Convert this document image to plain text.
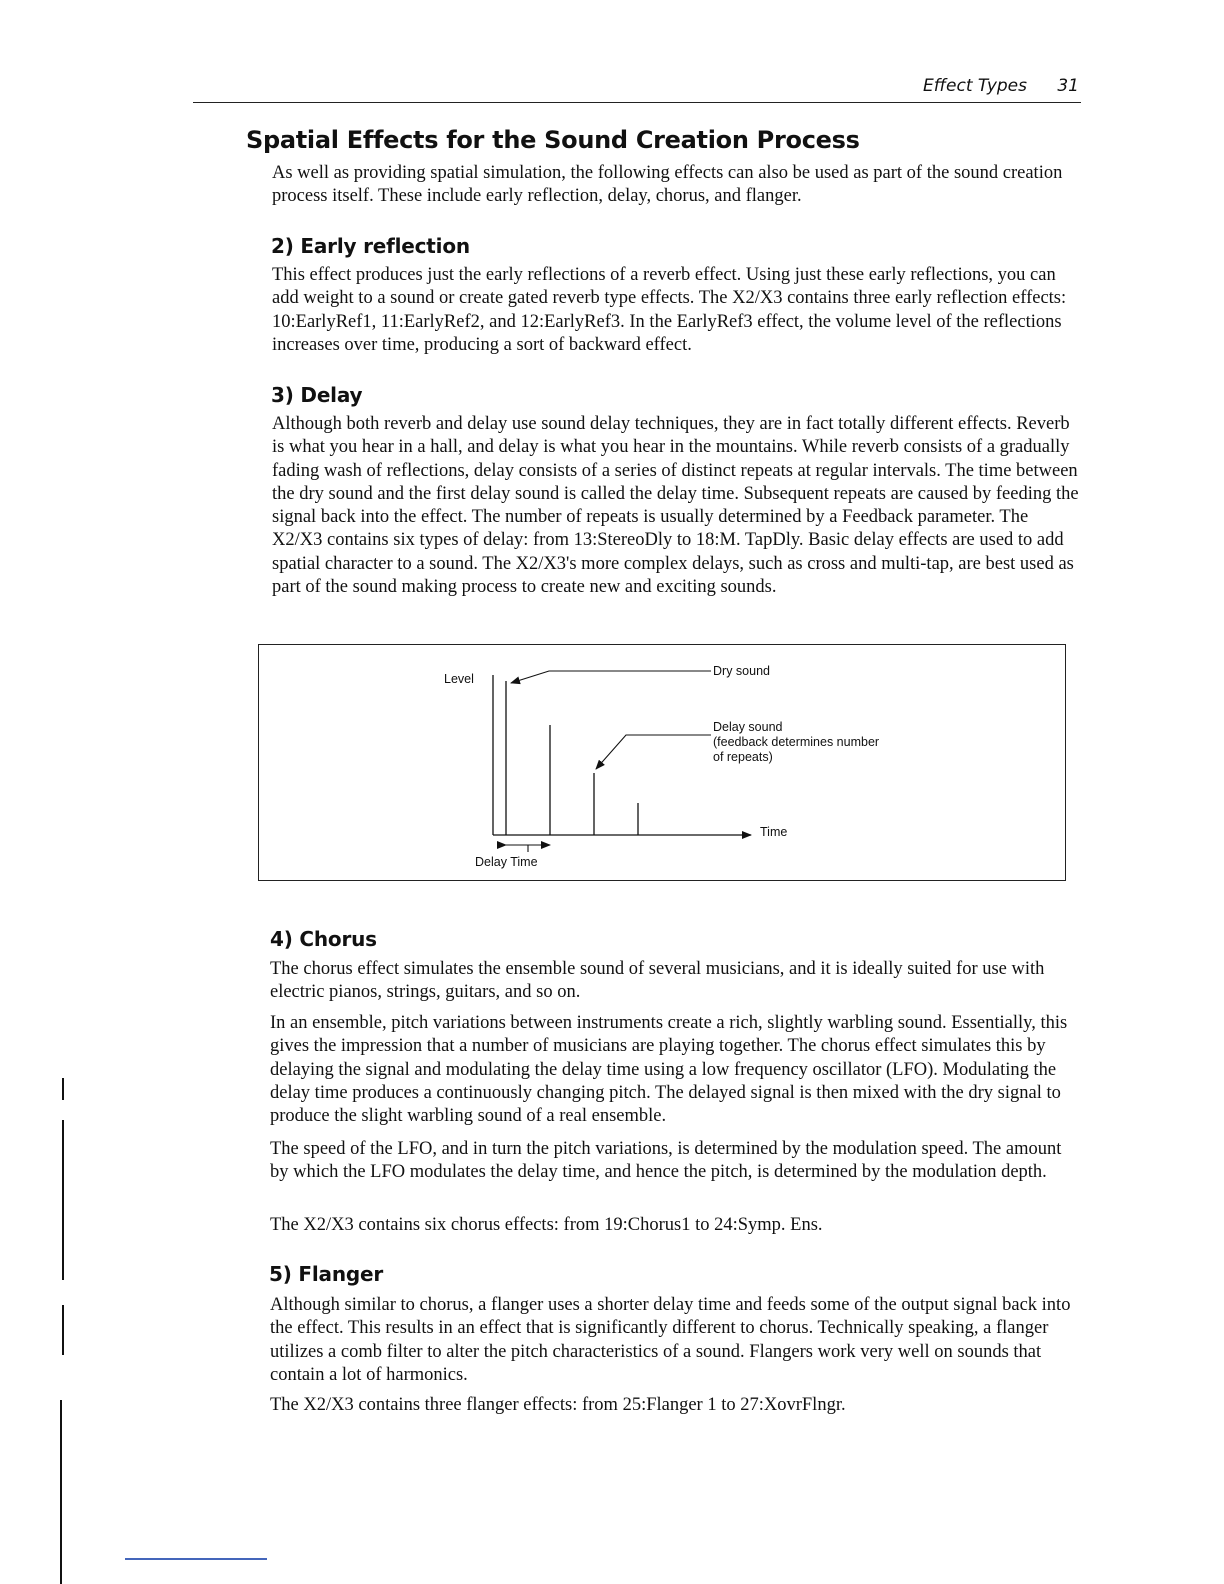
Effect Types 31
Spatial Effects for the Sound Creation Process

As well as providing spatial simulation, the following effects can also be used as part of the sound creation process itself. These include early reflection, delay, chorus, and flanger.

2) Early reflection

This effect produces just the early reflections of a reverb effect. Using just these early reflections, you can add weight to a sound or create gated reverb type effects. The X2/X3 contains three early reflection effects: 10:EarlyRef1, 11:EarlyRef2, and 12:EarlyRef3. In the EarlyRef3 effect, the volume level of the reflections increases over time, producing a sort of backward effect.

3) Delay

Although both reverb and delay use sound delay techniques, they are in fact totally different effects. Reverb is what you hear in a hall, and delay is what you hear in the mountains. While reverb consists of a gradually fading wash of reflections, delay consists of a series of distinct repeats at regular intervals. The time between the dry sound and the first delay sound is called the delay time. Subsequent repeats are caused by feeding the signal back into the effect. The number of repeats is usually determined by a Feedback parameter. The X2/X3 contains six types of delay: from 13:StereoDly to 18:M. TapDly. Basic delay effects are used to add spatial character to a sound. The X2/X3's more complex delays, such as cross and multi-tap, are best used as part of the sound making process to create new and exciting sounds.

Level
Dry sound
Delay sound
(feedback determines number
of repeats)
Time
Delay Time
4) Chorus

The chorus effect simulates the ensemble sound of several musicians, and it is ideally suited for use with electric pianos, strings, guitars, and so on.

In an ensemble, pitch variations between instruments create a rich, slightly warbling sound. Essentially, this gives the impression that a number of musicians are playing together. The chorus effect simulates this by delaying the signal and modulating the delay time using a low frequency oscillator (LFO). Modulating the delay time produces a continuously changing pitch. The delayed signal is then mixed with the dry signal to produce the slight warbling sound of a real ensemble.

The speed of the LFO, and in turn the pitch variations, is determined by the modulation speed. The amount by which the LFO modulates the delay time, and hence the pitch, is determined by the modulation depth.

The X2/X3 contains six chorus effects: from 19:Chorus1 to 24:Symp. Ens.

5) Flanger

Although similar to chorus, a flanger uses a shorter delay time and feeds some of the output signal back into the effect. This results in an effect that is significantly different to chorus. Technically speaking, a flanger utilizes a comb filter to alter the pitch characteristics of a sound. Flangers work very well on sounds that contain a lot of harmonics.

The X2/X3 contains three flanger effects: from 25:Flanger 1 to 27:XovrFlngr.
